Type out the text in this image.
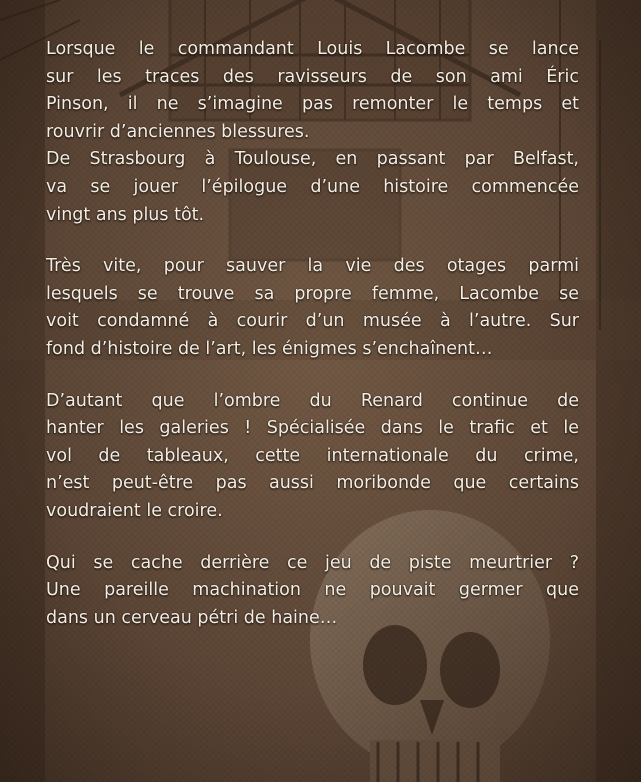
Lorsque le commandant Louis Lacombe se lance
sur les traces des ravisseurs de son ami Éric
Pinson, il ne s’imagine pas remonter le temps et
rouvrir d’anciennes blessures.

De Strasbourg à Toulouse, en passant par Belfast,
va se jouer l’épilogue d’une histoire commencée
vingt ans plus tôt.

Très vite, pour sauver la vie des otages parmi
lesquels se trouve sa propre femme, Lacombe se
voit condamné à courir d’un musée à l’autre. Sur
fond d’histoire de l’art, les énigmes s’enchaînent…

D’autant que l’ombre du Renard continue de
hanter les galeries ! Spécialisée dans le trafic et le
vol de tableaux, cette internationale du crime,
n’est peut-être pas aussi moribonde que certains
voudraient le croire.

Qui se cache derrière ce jeu de piste meurtrier ?
Une pareille machination ne pouvait germer que
dans un cerveau pétri de haine…
